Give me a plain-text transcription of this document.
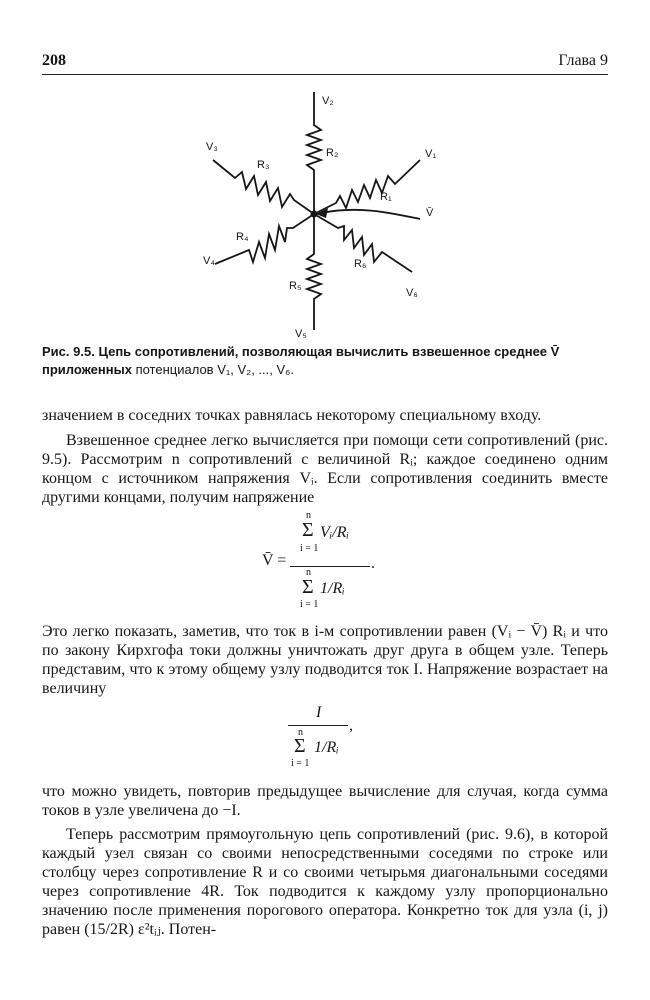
208	Глава 9
V₂
R₂	V₁
R₁
V̄
V₃
R₃
R₄
V₄	R₆
R₅
V₆
V₅
Рис. 9.5. Цепь сопротивлений, позволяющая вычислить взвешенное среднее V̄ приложенных потенциалов V₁, V₂, ..., V₆.
значением в соседних точках равнялась некоторому специальному входу.
Взвешенное среднее легко вычисляется при помощи сети сопротивлений (рис. 9.5). Рассмотрим n сопротивлений с величиной Rᵢ; каждое соединено одним концом с источником напряжения Vᵢ. Если сопротивления соединить вместе другими концами, получим напряжение
V̄ =
n
Σ
i = 1
Vᵢ/Rᵢ
.
n
Σ
i = 1
1/Rᵢ
Это легко показать, заметив, что ток в i-м сопротивлении равен (Vᵢ − V̄) Rᵢ и что по закону Кирхгофа токи должны уничтожать друг друга в общем узле. Теперь представим, что к этому общему узлу подводится ток I. Напряжение возрастает на величину
I
,
n
Σ
i = 1
1/Rᵢ
что можно увидеть, повторив предыдущее вычисление для случая, когда сумма токов в узле увеличена до −I.
Теперь рассмотрим прямоугольную цепь сопротивлений (рис. 9.6), в которой каждый узел связан со своими непосредственными соседями по строке или столбцу через сопротивление R и со своими четырьмя диагональными соседями через сопротивление 4R. Ток подводится к каждому узлу пропорционально значению после применения порогового оператора. Конкретно ток для узла (i, j) равен (15/2R) ε²tᵢⱼ. Потен-
